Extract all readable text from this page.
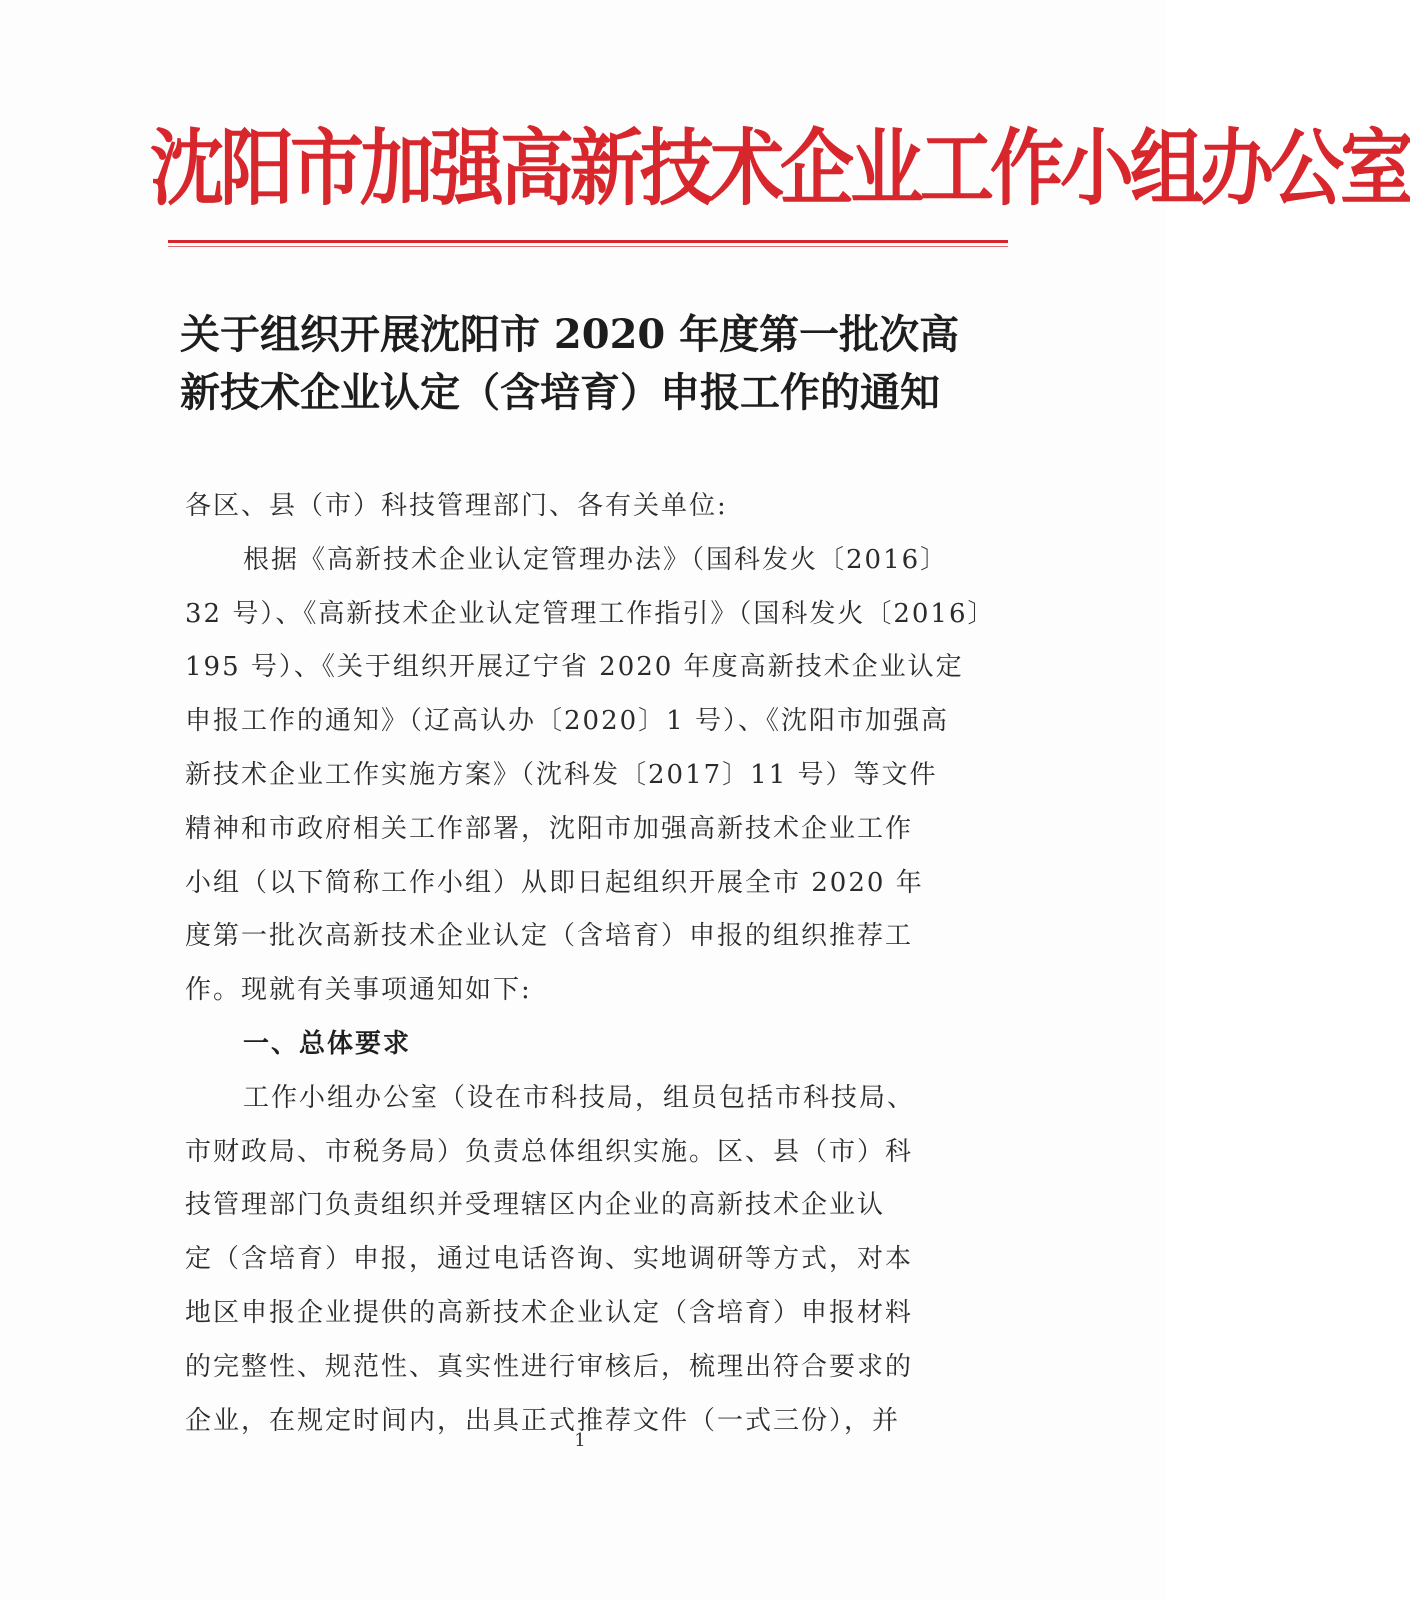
沈阳市加强高新技术企业工作小组办公室
关于组织开展沈阳市 2020 年度第一批次高
新技术企业认定（含培育）申报工作的通知
各区、县（市）科技管理部门、各有关单位:
根据《高新技术企业认定管理办法》（国科发火〔2016〕
32 号）、《高新技术企业认定管理工作指引》（国科发火〔2016〕
195 号）、《关于组织开展辽宁省 2020 年度高新技术企业认定
申报工作的通知》（辽高认办〔2020〕1 号）、《沈阳市加强高
新技术企业工作实施方案》（沈科发〔2017〕11 号）等文件
精神和市政府相关工作部署，沈阳市加强高新技术企业工作
小组（以下简称工作小组）从即日起组织开展全市 2020 年
度第一批次高新技术企业认定（含培育）申报的组织推荐工
作。现就有关事项通知如下:
一、总体要求
工作小组办公室（设在市科技局，组员包括市科技局、
市财政局、市税务局）负责总体组织实施。区、县（市）科
技管理部门负责组织并受理辖区内企业的高新技术企业认
定（含培育）申报，通过电话咨询、实地调研等方式，对本
地区申报企业提供的高新技术企业认定（含培育）申报材料
的完整性、规范性、真实性进行审核后，梳理出符合要求的
企业，在规定时间内，出具正式推荐文件（一式三份），并
1
